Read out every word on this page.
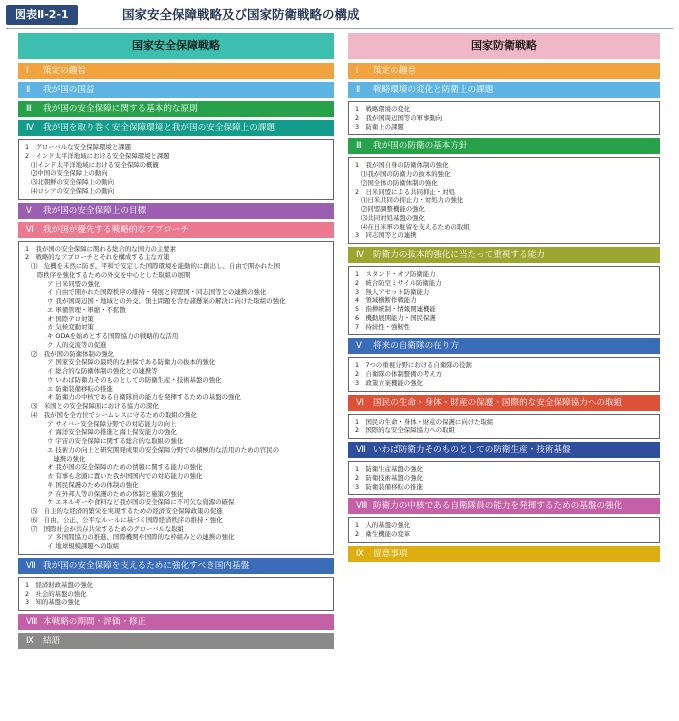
図表Ⅱ-2-1	国家安全保障戦略及び国家防衛戦略の構成
国家安全保障戦略
Ⅰ 策定の趣旨
Ⅱ 我が国の国益
Ⅲ 我が国の安全保障に関する基本的な原則
Ⅳ 我が国を取り巻く安全保障環境と我が国の安全保障上の課題
1　グローバルな安全保障環境と課題
2　インド太平洋地域における安全保障環境と課題
⑴インド太平洋地域における安全保障の概観
⑵中国の安全保障上の動向
⑶北朝鮮の安全保障上の動向
⑷ロシアの安全保障上の動向
Ⅴ 我が国の安全保障上の目標
Ⅵ 我が国が優先する戦略的なアプローチ
1　我が国の安全保障に関わる総合的な国力の主要素
2　戦略的なアプローチとそれを構成する主な方策
⑴　危機を未然に防ぎ、平和で安定した国際環境を能動的に創出し、自由で開かれた国
際秩序を強化するための外交を中心とした取組の展開
ア 日米同盟の強化
イ 自由で開かれた国際秩序の維持・発展と同盟国・同志国等との連携の強化
ウ 我が国周辺国・地域との外交、領土問題を含む諸懸案の解決に向けた取組の強化
エ 軍備管理・軍縮・不拡散
オ 国際テロ対策
カ 気候変動対策
キ ODAを始めとする国際協力の戦略的な活用
ク 人的交流等の促進
⑵　我が国の防衛体制の強化
ア 国家安全保障の最終的な担保である防衛力の抜本的強化
イ 総合的な防衛体制の強化との連携等
ウ いわば防衛力そのものとしての防衛生産・技術基盤の強化
エ 防衛装備移転の推進
オ 防衛力の中核である自衛隊員の能力を発揮するための基盤の強化
⑶　米国との安全保障面における協力の深化
⑷　我が国を全方位でシームレスに守るための取組の強化
ア サイバー安全保障分野での対応能力の向上
イ 海洋安全保障の推進と海上保安能力の強化
ウ 宇宙の安全保障に関する総合的な取組の強化
エ 技術力の向上と研究開発成果の安全保障分野での積極的な活用のための官民の
　連携の強化
オ 我が国の安全保障のための情報に関する能力の強化
カ 有事も念頭に置いた我が国国内での対応能力の強化
キ 国民保護のための体制の強化
ク 在外邦人等の保護のための体制と施策の強化
ケ エネルギーや食料など我が国の安全保障に不可欠な資源の確保
⑸　自主的な経済的繁栄を実現するための経済安全保障政策の促進
⑹　自由、公正、公平なルールに基づく国際経済秩序の維持・強化
⑺　国際社会が共存共栄するためのグローバルな取組
ア 多国間協力の推進、国際機関や国際的な枠組みとの連携の強化
イ 地球規模課題への取組
Ⅶ 我が国の安全保障を支えるために強化すべき国内基盤
1　経済財政基盤の強化
2　社会的基盤の強化
3　知的基盤の強化
Ⅷ 本戦略の期間・評価・修正
Ⅸ 結語
国家防衛戦略
Ⅰ 策定の趣旨
Ⅱ 戦略環境の変化と防衛上の課題
1　戦略環境の変化
2　我が国周辺国等の軍事動向
3　防衛上の課題
Ⅲ 我が国の防衛の基本方針
1　我が国自身の防衛体制の強化
⑴我が国の防衛力の抜本的強化
⑵国全体の防衛体制の強化
2　日米同盟による共同抑止・対処
⑴日米共同の抑止力・対処力の強化
⑵同盟調整機能の強化
⑶共同対処基盤の強化
⑷在日米軍の駐留を支えるための取組
3　同志国等との連携
Ⅳ 防衛力の抜本的強化に当たって重視する能力
1　スタンド・オフ防衛能力
2　統合防空ミサイル防衛能力
3　無人アセット防衛能力
4　領域横断作戦能力
5　指揮統制・情報関連機能
6　機動展開能力・国民保護
7　持続性・強靭性
Ⅴ 将来の自衛隊の在り方
1　7つの重視分野における自衛隊の役割
2　自衛隊の体制整備の考え方
3　政策立案機能の強化
Ⅵ 国民の生命・身体・財産の保護・国際的な安全保障協力への取組
1　国民の生命・身体・財産の保護に向けた取組
2　国際的な安全保障協力への取組
Ⅶ いわば防衛力そのものとしての防衛生産・技術基盤
1　防衛生産基盤の強化
2　防衛技術基盤の強化
3　防衛装備移転の推進
Ⅷ 防衛力の中核である自衛隊員の能力を発揮するための基盤の強化
1　人的基盤の強化
2　衛生機能の変革
Ⅸ 留意事項
